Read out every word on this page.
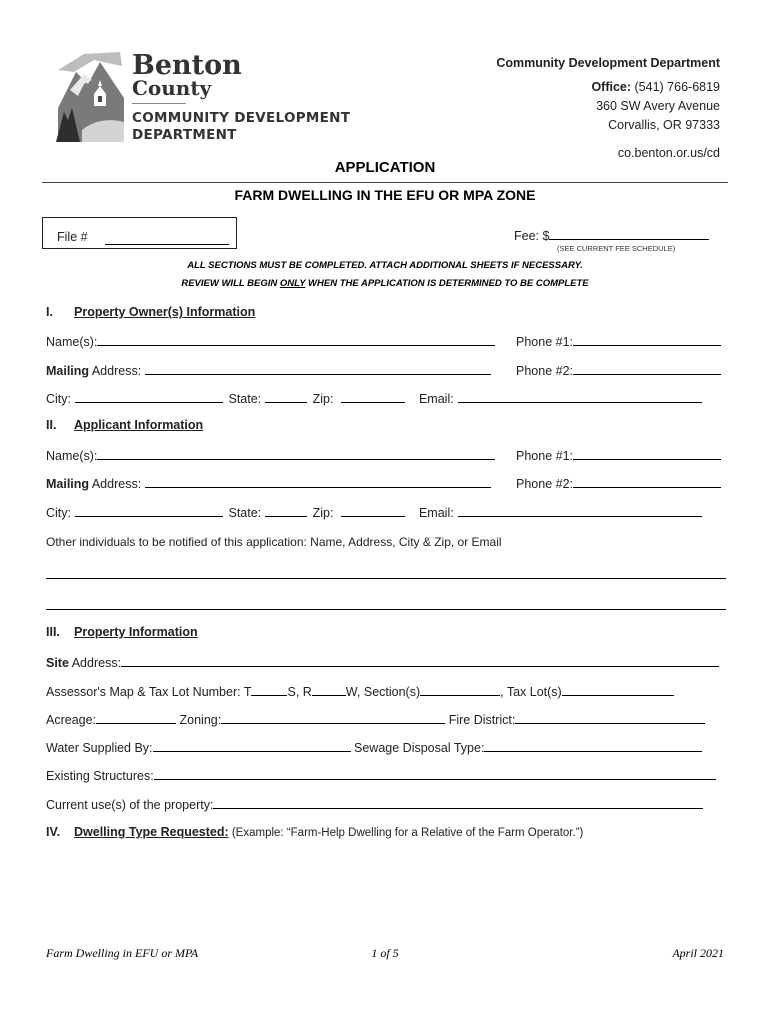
Benton
County
COMMUNITY DEVELOPMENT
DEPARTMENT
Community Development Department
Office: (541) 766-6819
360 SW Avery Avenue
Corvallis, OR 97333
co.benton.or.us/cd
APPLICATION
FARM DWELLING IN THE EFU OR MPA ZONE
File #	Fee: $
(SEE CURRENT FEE SCHEDULE)
ALL SECTIONS MUST BE COMPLETED. ATTACH ADDITIONAL SHEETS IF NECESSARY.
REVIEW WILL BEGIN ONLY WHEN THE APPLICATION IS DETERMINED TO BE COMPLETE
I. Property Owner(s) Information
Name(s):	Phone #1:
Mailing Address:	Phone #2:
City:	State:	Zip:	Email:
II. Applicant Information
Name(s):	Phone #1:
Mailing Address:	Phone #2:
City:	State:	Zip:	Email:
Other individuals to be notified of this application: Name, Address, City & Zip, or Email
III. Property Information
Site Address:
Assessor's Map & Tax Lot Number: T	S, R	W, Section(s)	, Tax Lot(s)
Acreage:	Zoning:	Fire District:
Water Supplied By:	Sewage Disposal Type:
Existing Structures:
Current use(s) of the property:
IV. Dwelling Type Requested: (Example: “Farm-Help Dwelling for a Relative of the Farm Operator.”)
Farm Dwelling in EFU or MPA	1 of 5	April 2021
